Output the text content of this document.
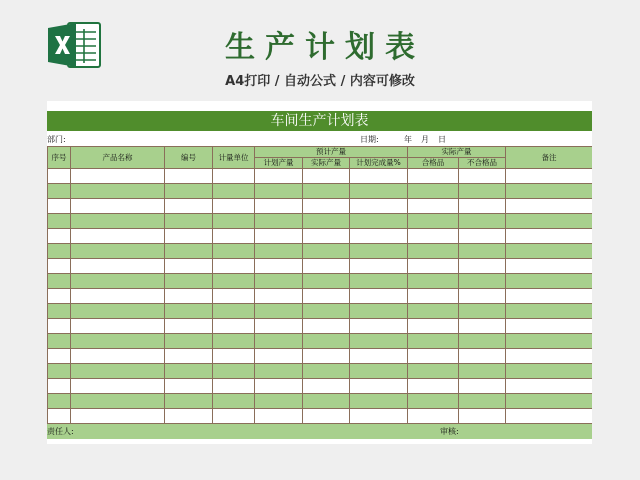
生产计划表
A4打印 / 自动公式 / 内容可修改
车间生产计划表
部门:	日期:	年 月 日
序号	产品名称	编号	计量单位	预计产量			实际产量		备注
				计划产量	实际产量	计划完成量%	合格品	不合格品	

责任人:	审核:
